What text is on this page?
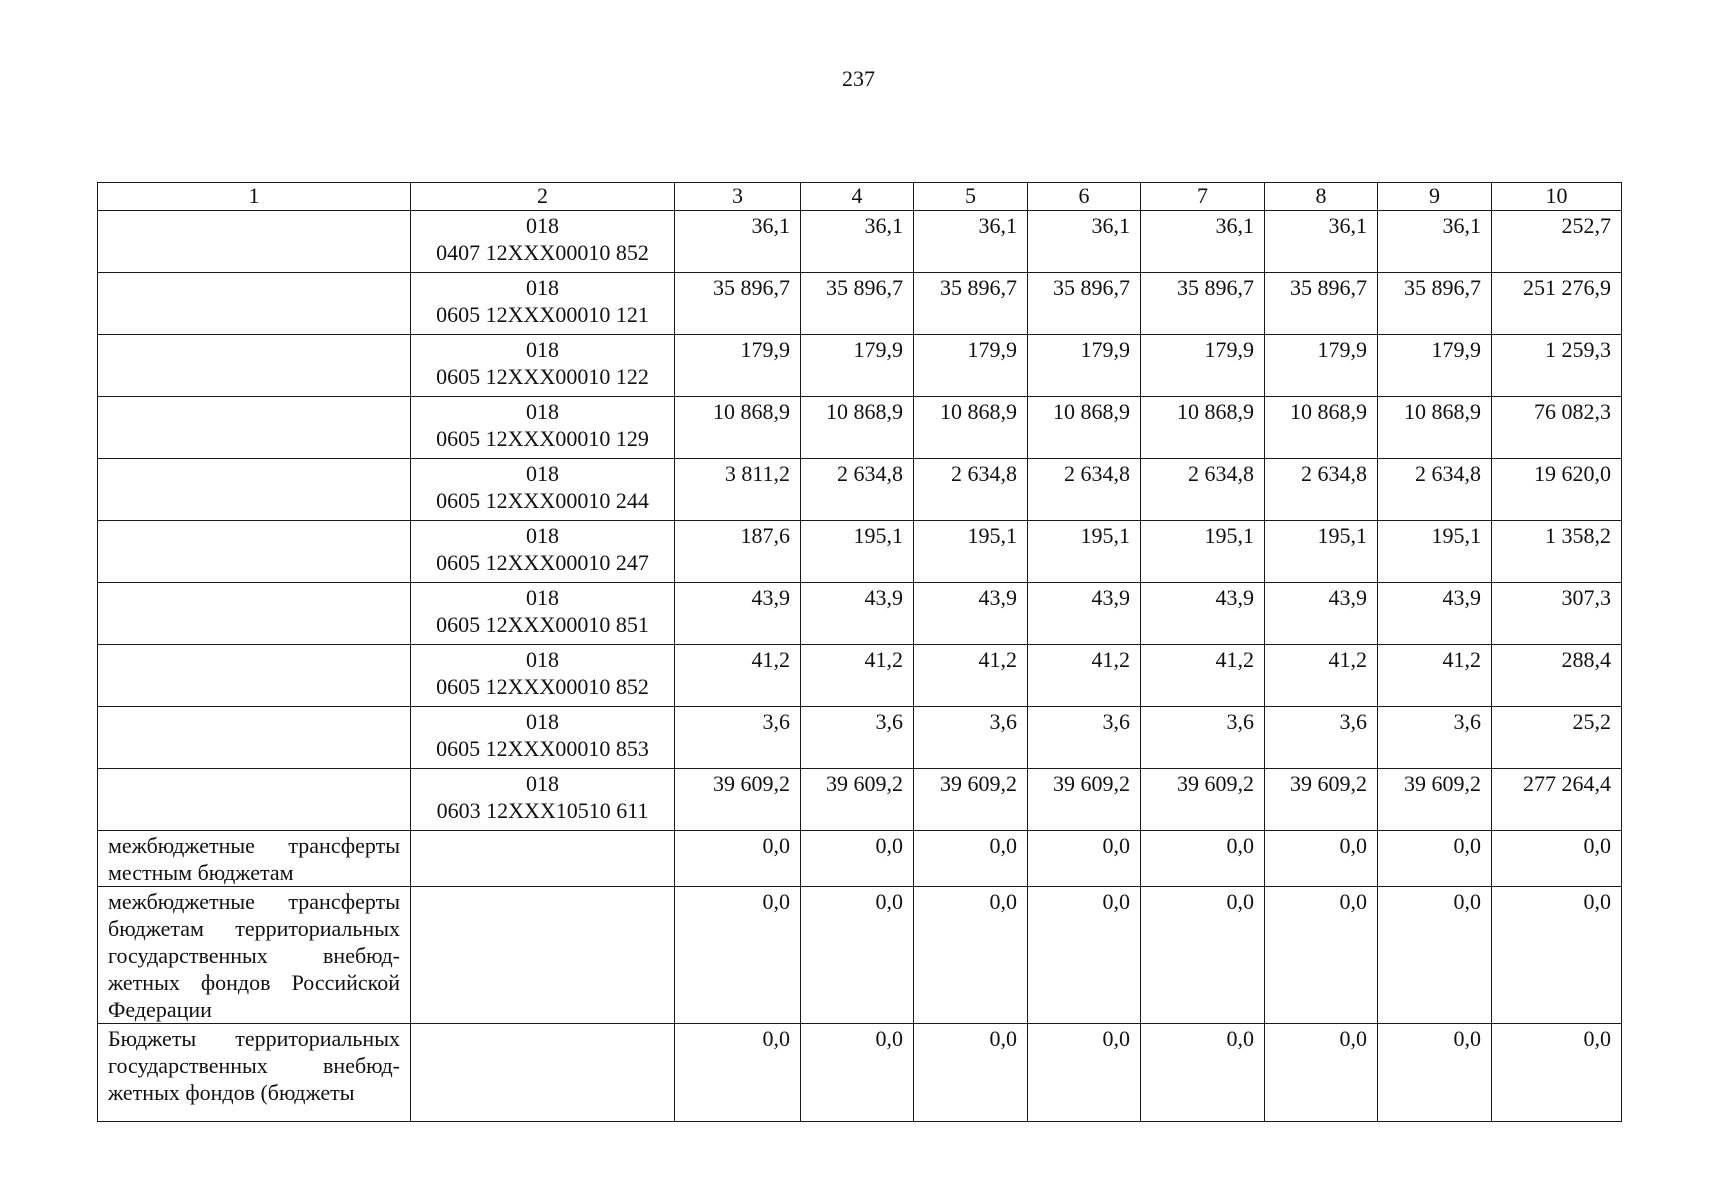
237
1	2	3	4	5	6	7	8	9	10

	018
0407 12ХХХ00010 852	36,1	36,1	36,1	36,1	36,1	36,1	36,1	252,7

	018
0605 12ХХХ00010 121	35 896,7	35 896,7	35 896,7	35 896,7	35 896,7	35 896,7	35 896,7	251 276,9

	018
0605 12ХХХ00010 122	179,9	179,9	179,9	179,9	179,9	179,9	179,9	1 259,3

	018
0605 12ХХХ00010 129	10 868,9	10 868,9	10 868,9	10 868,9	10 868,9	10 868,9	10 868,9	76 082,3

	018
0605 12ХХХ00010 244	3 811,2	2 634,8	2 634,8	2 634,8	2 634,8	2 634,8	2 634,8	19 620,0

	018
0605 12ХХХ00010 247	187,6	195,1	195,1	195,1	195,1	195,1	195,1	1 358,2

	018
0605 12ХХХ00010 851	43,9	43,9	43,9	43,9	43,9	43,9	43,9	307,3

	018
0605 12ХХХ00010 852	41,2	41,2	41,2	41,2	41,2	41,2	41,2	288,4

	018
0605 12ХХХ00010 853	3,6	3,6	3,6	3,6	3,6	3,6	3,6	25,2

	018
0603 12ХХХ10510 611	39 609,2	39 609,2	39 609,2	39 609,2	39 609,2	39 609,2	39 609,2	277 264,4
межбюджетные трансферты местным бюджетам		0,0	0,0	0,0	0,0	0,0	0,0	0,0	0,0
межбюджетные трансферты бюджетам территориальных государственных внебюд-жетных фондов Российской Федерации		0,0	0,0	0,0	0,0	0,0	0,0	0,0	0,0
Бюджеты территориальных государственных внебюд-жетных фондов (бюджеты		0,0	0,0	0,0	0,0	0,0	0,0	0,0	0,0
